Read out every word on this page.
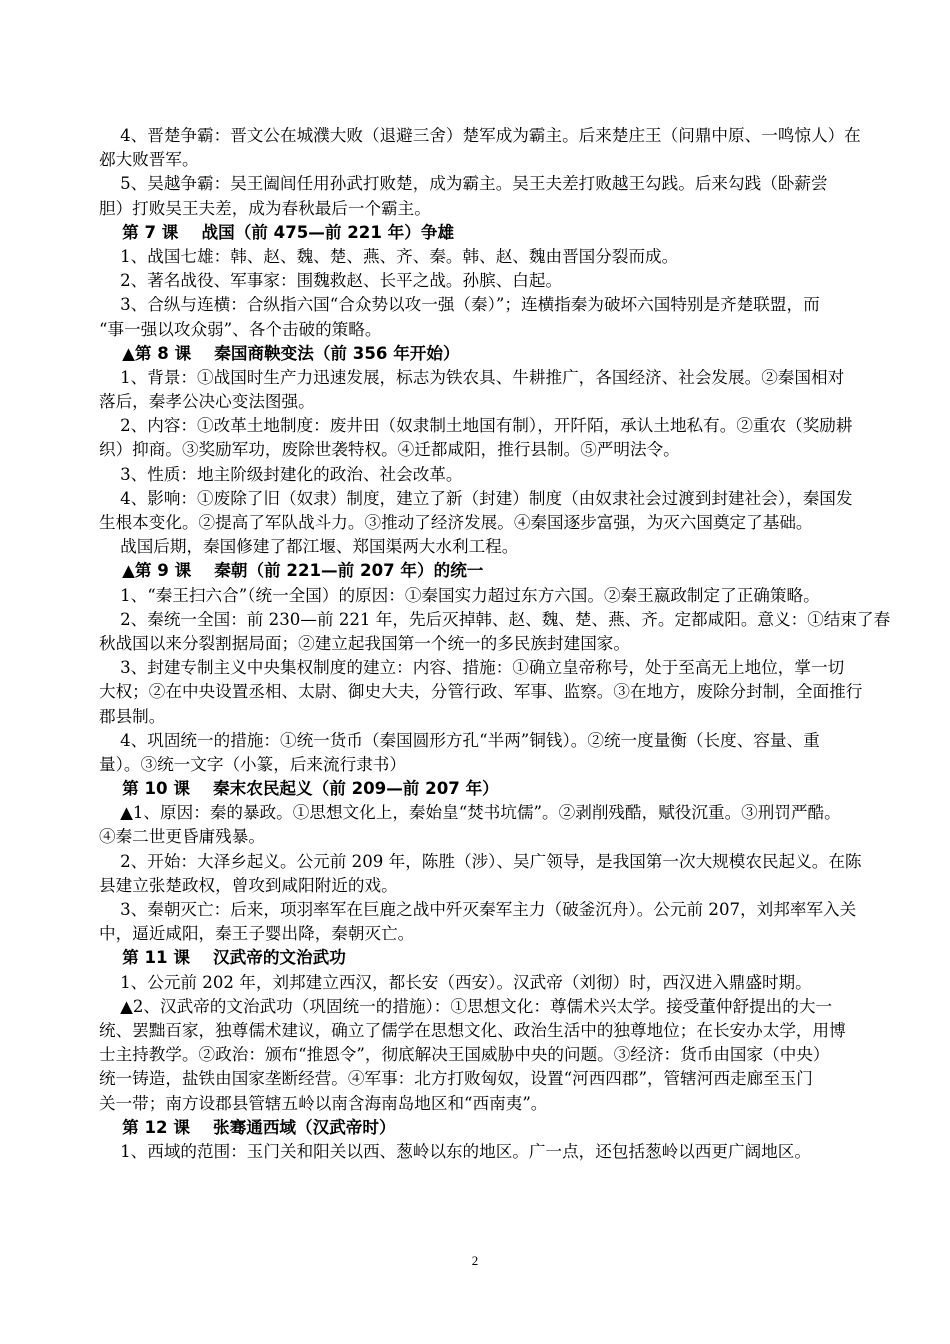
4、晋楚争霸：晋文公在城濮大败（退避三舍）楚军成为霸主。后来楚庄王（问鼎中原、一鸣惊人）在
邲大败晋军。
5、吴越争霸：吴王阖闾任用孙武打败楚，成为霸主。吴王夫差打败越王勾践。后来勾践（卧薪尝
胆）打败吴王夫差，成为春秋最后一个霸主。
第 7 课    战国（前 475—前 221 年）争雄
1、战国七雄：韩、赵、魏、楚、燕、齐、秦。韩、赵、魏由晋国分裂而成。
2、著名战役、军事家：围魏救赵、长平之战。孙膑、白起。
3、合纵与连横：合纵指六国“合众势以攻一强（秦）”；连横指秦为破坏六国特别是齐楚联盟，而
“事一强以攻众弱”、各个击破的策略。
▲第 8 课    秦国商鞅变法（前 356 年开始）
1、背景：①战国时生产力迅速发展，标志为铁农具、牛耕推广，各国经济、社会发展。②秦国相对
落后，秦孝公决心变法图强。
2、内容：①改革土地制度：废井田（奴隶制土地国有制），开阡陌，承认土地私有。②重农（奖励耕
织）抑商。③奖励军功，废除世袭特权。④迁都咸阳，推行县制。⑤严明法令。
3、性质：地主阶级封建化的政治、社会改革。
4、影响：①废除了旧（奴隶）制度，建立了新（封建）制度（由奴隶社会过渡到封建社会），秦国发
生根本变化。②提高了军队战斗力。③推动了经济发展。④秦国逐步富强，为灭六国奠定了基础。
战国后期，秦国修建了都江堰、郑国渠两大水利工程。
▲第 9 课    秦朝（前 221—前 207 年）的统一
1、“秦王扫六合”（统一全国）的原因：①秦国实力超过东方六国。②秦王嬴政制定了正确策略。
2、秦统一全国：前 230—前 221 年，先后灭掉韩、赵、魏、楚、燕、齐。定都咸阳。意义：①结束了春
秋战国以来分裂割据局面；②建立起我国第一个统一的多民族封建国家。
3、封建专制主义中央集权制度的建立：内容、措施：①确立皇帝称号，处于至高无上地位，掌一切
大权；②在中央设置丞相、太尉、御史大夫，分管行政、军事、监察。③在地方，废除分封制，全面推行
郡县制。
4、巩固统一的措施：①统一货币（秦国圆形方孔“半两”铜钱）。②统一度量衡（长度、容量、重
量）。③统一文字（小篆，后来流行隶书）
第 10 课    秦末农民起义（前 209—前 207 年）
▲1、原因：秦的暴政。①思想文化上，秦始皇“焚书坑儒”。②剥削残酷，赋役沉重。③刑罚严酷。
④秦二世更昏庸残暴。
2、开始：大泽乡起义。公元前 209 年，陈胜（涉）、吴广领导，是我国第一次大规模农民起义。在陈
县建立张楚政权，曾攻到咸阳附近的戏。
3、秦朝灭亡：后来，项羽率军在巨鹿之战中歼灭秦军主力（破釜沉舟）。公元前 207，刘邦率军入关
中，逼近咸阳，秦王子婴出降，秦朝灭亡。
第 11 课    汉武帝的文治武功
1、公元前 202 年，刘邦建立西汉，都长安（西安）。汉武帝（刘彻）时，西汉进入鼎盛时期。
▲2、汉武帝的文治武功（巩固统一的措施）：①思想文化：尊儒术兴太学。接受董仲舒提出的大一
统、罢黜百家，独尊儒术建议，确立了儒学在思想文化、政治生活中的独尊地位；在长安办太学，用博
士主持教学。②政治：颁布“推恩令”，彻底解决王国威胁中央的问题。③经济：货币由国家（中央）
统一铸造，盐铁由国家垄断经营。④军事：北方打败匈奴，设置“河西四郡”，管辖河西走廊至玉门
关一带；南方设郡县管辖五岭以南含海南岛地区和“西南夷”。
第 12 课    张骞通西域（汉武帝时）
1、西域的范围：玉门关和阳关以西、葱岭以东的地区。广一点，还包括葱岭以西更广阔地区。
2
